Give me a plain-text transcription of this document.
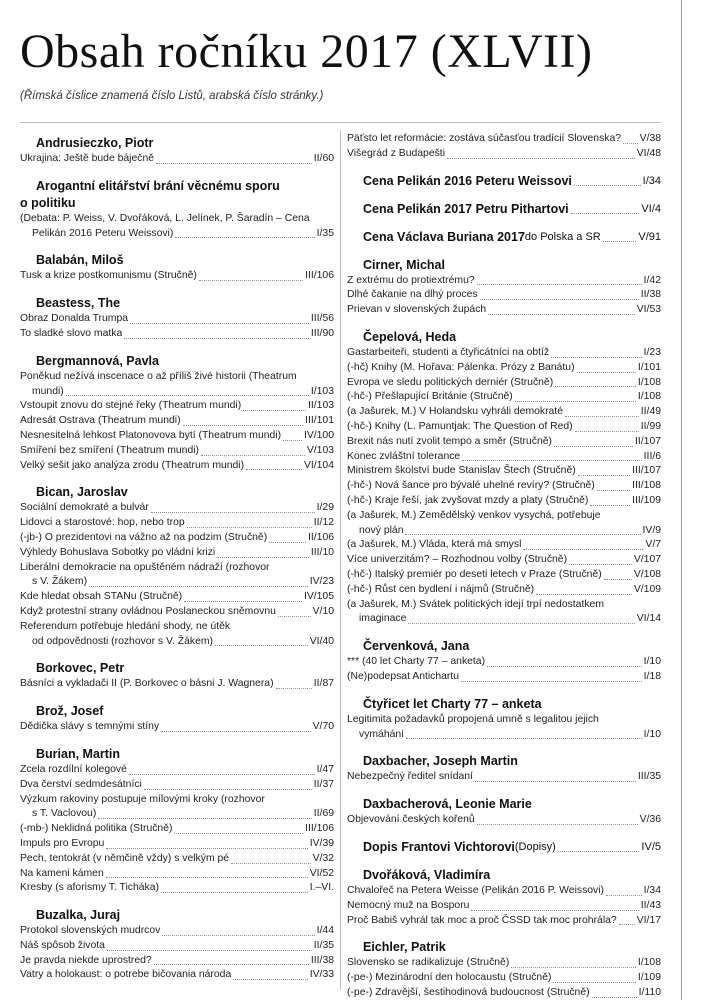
Obsah ročníku 2017 (XLVII)

(Římská číslice znamená číslo Listů, arabská číslo stránky.)

Andrusieczko, Piotr
Ukrajina: Ještě bude báječně	II/60
Arogantní elitářství brání věcnému sporu
o politiku
(Debata: P. Weiss, V. Dvořáková, L. Jelínek, P. Šaradín – Cena
Pelikán 2016 Peteru Weissovi)	I/35
Balabán, Miloš
Tusk a krize postkomunismu (Stručně)	III/106
Beastess, The
Obraz Donalda Trumpa	III/56
To sladké slovo matka	III/90
Bergmannová, Pavla
Poněkud nežívá inscenace o až příliš živé historii (Theatrum
mundi)	I/103
Vstoupit znovu do stejné řeky (Theatrum mundi)	II/103
Adresát Ostrava (Theatrum mundi)	III/101
Nesnesitelná lehkost Platonovova bytí (Theatrum mundi) IV/100
Smíření bez smíření (Theatrum mundi)	V/103
Velký sešit jako analýza zrodu (Theatrum mundi)	VI/104
Bican, Jaroslav
Sociální demokraté a bulvár	I/29
Lidovci a starostové: hop, nebo trop	II/12
(-jb-) O prezidentovi na vážno až na podzim (Stručně)	II/106
Výhledy Bohuslava Sobotky po vládní krizi	III/10
Liberální demokracie na opuštěném nádraží (rozhovor
s V. Žákem)	IV/23
Kde hledat obsah STANu (Stručně)	IV/105
Když protestní strany ovládnou Poslaneckou sněmovnu	V/10
Referendum potřebuje hledání shody, ne útěk
od odpovědnosti (rozhovor s V. Žákem)	VI/40
Borkovec, Petr
Básníci a vykladači II (P. Borkovec o básni J. Wagnera)	II/87
Brož, Josef
Dědička slávy s temnými stíny	V/70
Burian, Martin
Zcela rozdílní kolegové	I/47
Dva čerství sedmdesátníci	II/37
Výzkum rakoviny postupuje mílovými kroky (rozhovor
s T. Vaclovou)	II/69
(-mb-) Neklidná politika (Stručně)	III/106
Impuls pro Evropu	IV/39
Pech, tentokrát (v němčině vždy) s velkým pé	V/32
Na kameni kámen	VI/52
Kresby (s aforismy T. Ticháka)	I.–VI.
Buzalka, Juraj
Protokol slovenských mudrcov	I/44
Náš spôsob života	II/35
Je pravda niekde uprostred?	III/38
Vatry a holokaust: o potrebe bičovania národa	IV/33
Päťsto let reformácie: zostáva súčasťou tradícií Slovenska? V/38
Višegrád z Budapešti	VI/48
Cena Pelikán 2016 Peteru Weissovi	I/34
Cena Pelikán 2017 Petru Pithartovi	VI/4
Cena Václava Buriana 2017 do Polska a SR	V/91
Cirner, Michal
Z extrému do protiextrému?	I/42
Dlhé čakanie na dlhý proces	II/38
Prievan v slovenských župách	VI/53
Čepelová, Heda
Gastarbeiteři, studenti a čtyřicátníci na obtíž	I/23
(-hč) Knihy (M. Hořava: Pálenka. Prózy z Banátu)	I/101
Evropa ve sledu politických derniér (Stručně)	I/108
(-hč-) Přešlapující Británie (Stručně)	I/108
(a Jašurek, M.) V Holandsku vyhráli demokraté	II/49
(-hč-) Knihy (L. Pamuntjak: The Question of Red)	II/99
Brexit nás nutí zvolit tempo a směr (Stručně)	II/107
Konec zvláštní tolerance	III/6
Ministrem školství bude Stanislav Štech (Stručně)	III/107
(-hč-) Nová šance pro bývalé uhelné revíry? (Stručně)	III/108
(-hč-) Kraje řeší, jak zvyšovat mzdy a platy (Stručně)	III/109
(a Jašurek, M.) Zemědělský venkov vysychá, potřebuje
nový plán	IV/9
(a Jašurek, M.) Vláda, která má smysl	V/7
Více univerzitám? – Rozhodnou volby (Stručně)	V/107
(-hč-) Italský premiér po deseti letech v Praze (Stručně)	V/108
(-hč-) Růst cen bydlení i nájmů (Stručně)	V/109
(a Jašurek, M.) Svátek politických idejí trpí nedostatkem
imaginace	VI/14
Červenková, Jana
*** (40 let Charty 77 – anketa)	I/10
(Ne)podepsat Antichartu	I/18
Čtyřicet let Charty 77 – anketa
Legitimita požadavků propojená umně s legalitou jejich
vymáhání	I/10
Daxbacher, Joseph Martin
Nebezpečný ředitel snídaní	III/35
Daxbacherová, Leonie Marie
Objevování českých kořenů	V/36
Dopis Frantovi Vichtorovi (Dopisy)	IV/5
Dvořáková, Vladimíra
Chvalořeč na Petera Weisse (Pelikán 2016 P. Weissovi)	I/34
Nemocný muž na Bosporu	II/43
Proč Babiš vyhrál tak moc a proč ČSSD tak moc prohrála? VI/17
Eichler, Patrik
Slovensko se radikalizuje (Stručně)	I/108
(-pe-) Mezinárodní den holocaustu (Stručně)	I/109
(-pe-) Zdravější, šestihodinová budoucnost (Stručně)	I/110
